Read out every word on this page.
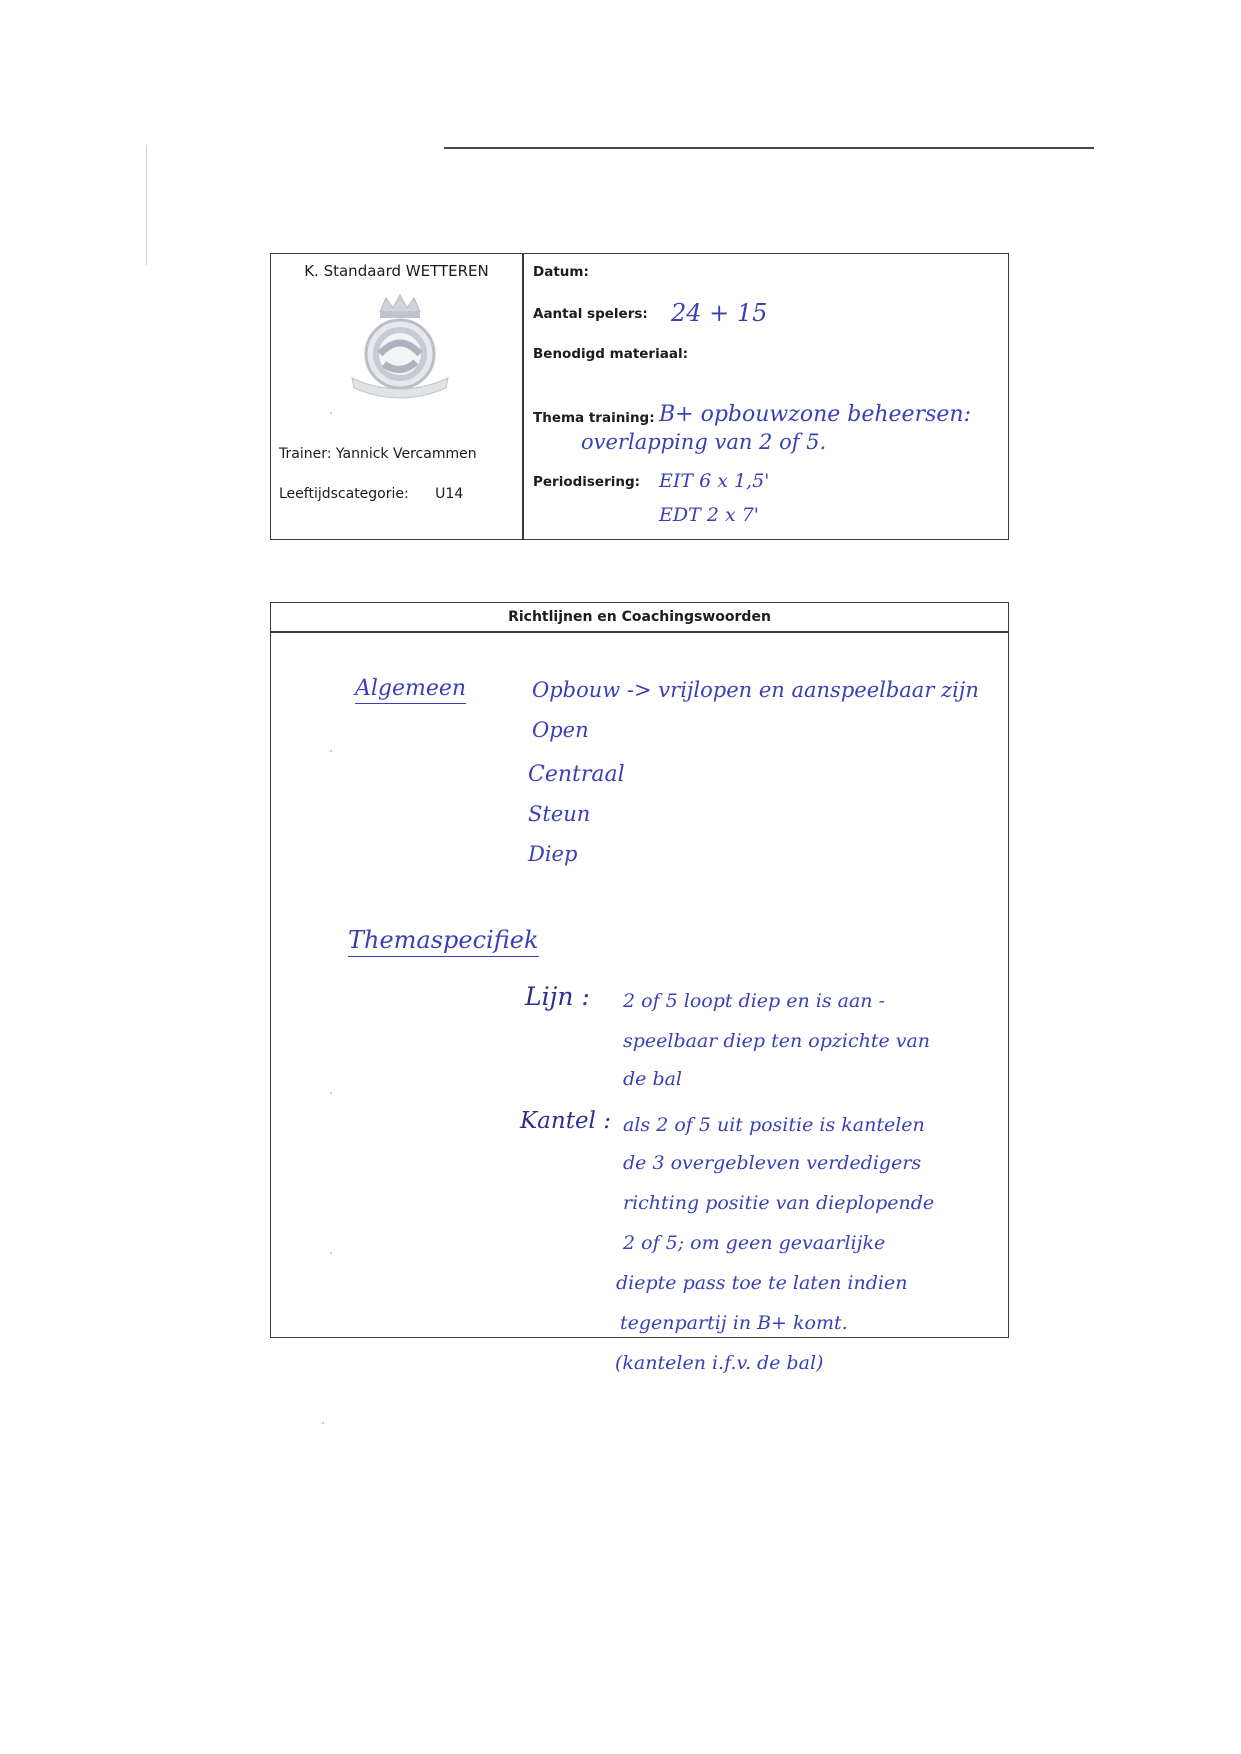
K. Standaard WETTEREN
Trainer: Yannick Vercammen
Leeftijdscategorie: U14
Datum:
Aantal spelers: 24 + 15
Benodigd materiaal:
Thema training: B+ opbouwzone beheersen:
overlapping van 2 of 5.
Periodisering: EIT 6 x 1,5'
EDT 2 x 7'
Richtlijnen en Coachingswoorden
Algemeen	Opbouw -> vrijlopen en aanspeelbaar zijn
Open
Centraal
Steun
Diep
Themaspecifiek
Lijn : 2 of 5 loopt diep en is aan -
speelbaar diep ten opzichte van
de bal
Kantel : als 2 of 5 uit positie is kantelen
de 3 overgebleven verdedigers
richting positie van dieplopende
2 of 5; om geen gevaarlijke
diepte pass toe te laten indien
tegenpartij in B+ komt.
(kantelen i.f.v. de bal)
